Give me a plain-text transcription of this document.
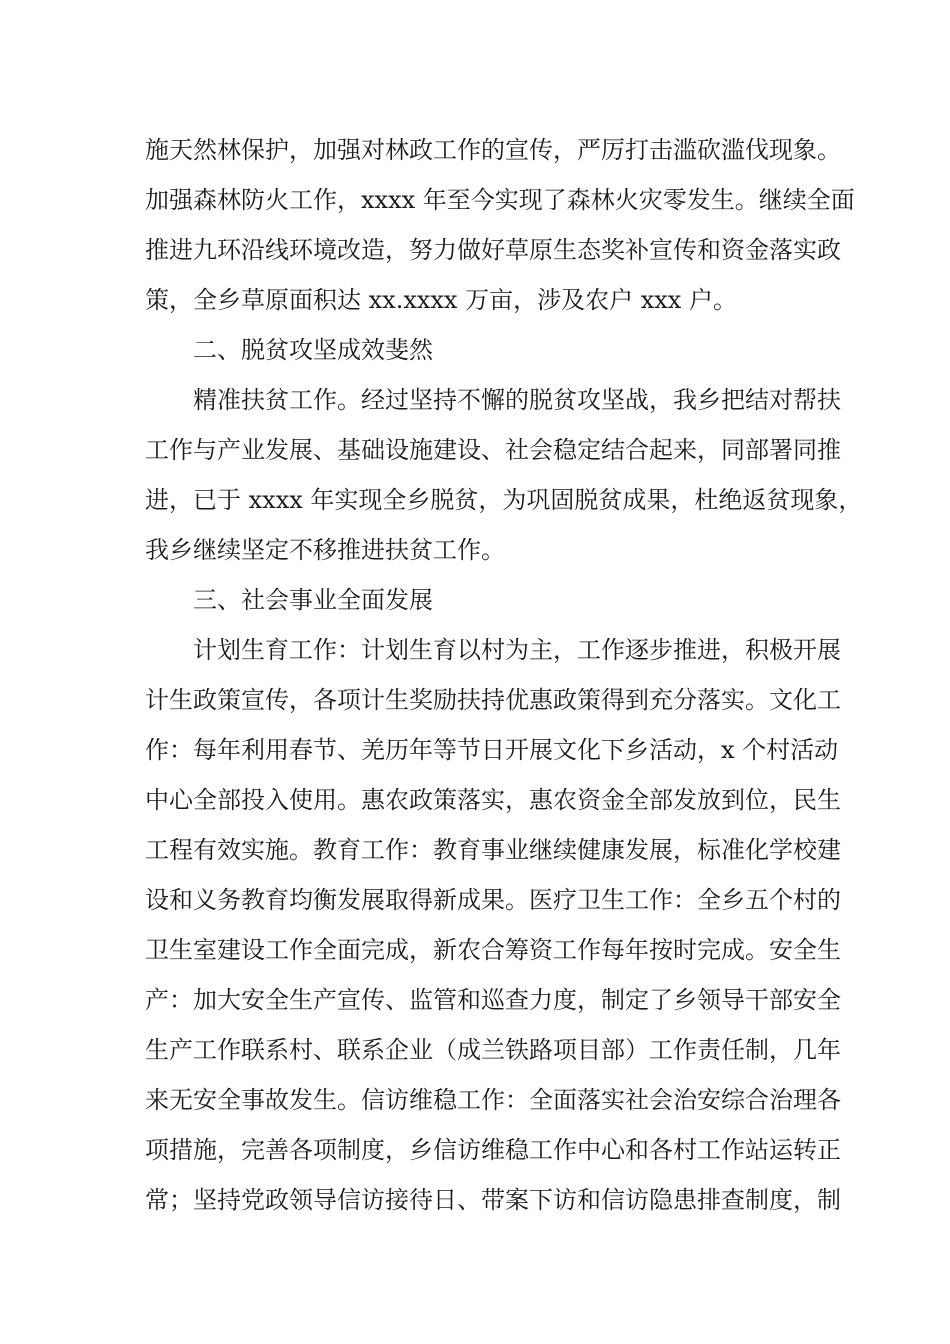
施天然林保护，加强对林政工作的宣传，严厉打击滥砍滥伐现象。
加强森林防火工作，xxxx 年至今实现了森林火灾零发生。继续全面
推进九环沿线环境改造，努力做好草原生态奖补宣传和资金落实政
策，全乡草原面积达 xx.xxxx 万亩，涉及农户 xxx 户。
二、脱贫攻坚成效斐然
精准扶贫工作。经过坚持不懈的脱贫攻坚战，我乡把结对帮扶
工作与产业发展、基础设施建设、社会稳定结合起来，同部署同推
进，已于 xxxx 年实现全乡脱贫，为巩固脱贫成果，杜绝返贫现象，
我乡继续坚定不移推进扶贫工作。
三、社会事业全面发展
计划生育工作：计划生育以村为主，工作逐步推进，积极开展
计生政策宣传，各项计生奖励扶持优惠政策得到充分落实。文化工
作：每年利用春节、羌历年等节日开展文化下乡活动，x 个村活动
中心全部投入使用。惠农政策落实，惠农资金全部发放到位，民生
工程有效实施。教育工作：教育事业继续健康发展，标准化学校建
设和义务教育均衡发展取得新成果。医疗卫生工作：全乡五个村的
卫生室建设工作全面完成，新农合筹资工作每年按时完成。安全生
产：加大安全生产宣传、监管和巡查力度，制定了乡领导干部安全
生产工作联系村、联系企业（成兰铁路项目部）工作责任制，几年
来无安全事故发生。信访维稳工作：全面落实社会治安综合治理各
项措施，完善各项制度，乡信访维稳工作中心和各村工作站运转正
常；坚持党政领导信访接待日、带案下访和信访隐患排查制度，制
